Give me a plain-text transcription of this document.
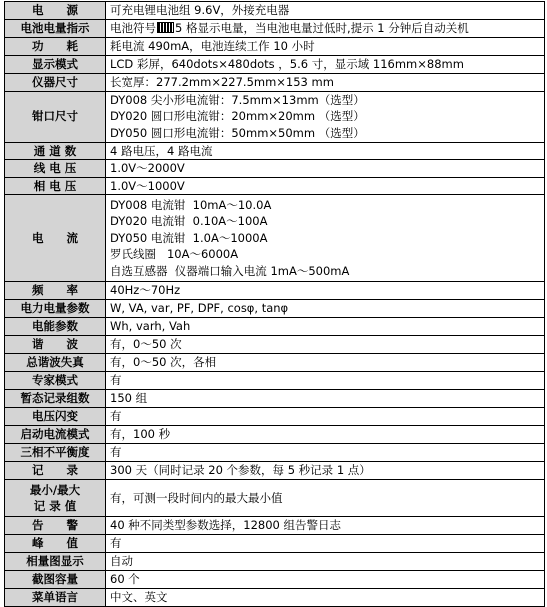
电　　源	可充电锂电池组 9.6V，外接充电器

电池电量指示	电池符号 5 格显示电量，当电池电量过低时,提示 1 分钟后自动关机
功　　耗	耗电流 490mA，电池连续工作 10 小时

显示模式	LCD 彩屏，640dots×480dots ，5.6 寸，显示域 116mm×88mm

仪器尺寸	长宽厚：277.2mm×227.5mm×153 mm

钳口尺寸	DY008 尖小形电流钳：7.5mm×13mm（选型）
DY020 圆口形电流钳：20mm×20mm （选型）
DY050 圆口形电流钳：50mm×50mm （选型）

通 道 数	4 路电压，4 路电流

线 电 压	1.0V～2000V

相 电 压	1.0V～1000V

电　　流	DY008 电流钳  10mA～10.0A
DY020 电流钳  0.10A～100A
DY050 电流钳  1.0A～1000A
罗氏线圈   10A～6000A
自选互感器  仪器端口输入电流 1mA～500mA

频　　率	40Hz～70Hz

电力电量参数	W, VA, var, PF, DPF, cosφ, tanφ

电能参数	Wh, varh, Vah

谐　　波	有，0～50 次

总谐波失真	有，0～50 次，各相

专家模式	有

暂态记录组数	150 组

电压闪变	有

启动电流模式	有，100 秒

三相不平衡度	有

记　　录	300 天（同时记录 20 个参数，每 5 秒记录 1 点）

最小/最大
记 录 值	有，可测一段时间内的最大最小值

告　　警	40 种不同类型参数选择，12800 组告警日志

峰　　值	有

相量图显示	自动

截图容量	60 个

菜单语言	中文、英文
